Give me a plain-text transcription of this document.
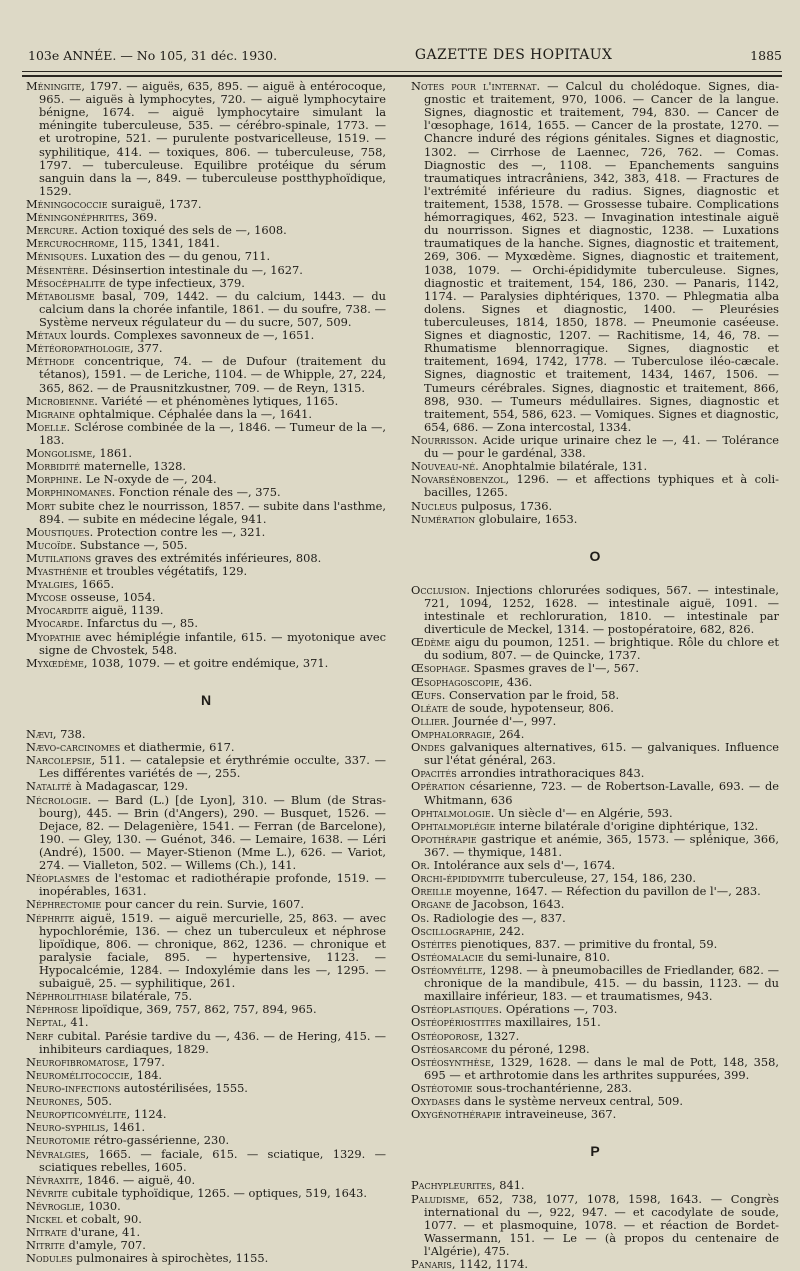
103e ANNÉE. — No 105, 31 déc. 1930.	GAZETTE DES HOPITAUX	1885

Méningite, 1797. — aiguës, 635, 895. — aiguë à entérocoque, 965. — aiguës à lymphocytes, 720. — aiguë lymphocytaire bénigne, 1674. — aiguë lymphocytaire simulant la méningite tuberculeuse, 535. — cérébro-spinale, 1773. — et urotropine, 521. — purulente postvaricelleuse, 1519. — syphilitique, 414. — toxiques, 806. — tuberculeuse, 758, 1797. — tuberculeuse. Equilibre protéique du sérum sanguin dans la —, 849. — tuberculeuse postthyphoïdique, 1529.

Méningococcie suraiguë, 1737.

Méningonéphrites, 369.

Mercure. Action toxiqué des sels de —, 1608.

Mercurochrome, 115, 1341, 1841.

Ménisques. Luxation des — du genou, 711.

Mésentère. Désinsertion intestinale du —, 1627.

Mésocéphalite de type infectieux, 379.

Métabolisme basal, 709, 1442. — du calcium, 1443. — du calcium dans la chorée infantile, 1861. — du soufre, 738. — Système nerveux régulateur du — du sucre, 507, 509.

Métaux lourds. Complexes savonneux de —, 1651.

Météoropathologie, 377.

Méthode concentrique, 74. — de Dufour (traitement du tétanos), 1591. — de Leriche, 1104. — de Whipple, 27, 224, 365, 862. — de Prausnitzkustner, 709. — de Reyn, 1315.

Microbienne. Variété — et phénomènes lytiques, 1165.

Migraine ophtalmique. Céphalée dans la —, 1641.

Moelle. Sclérose combinée de la —, 1846. — Tumeur de la —, 183.

Mongolisme, 1861.

Morbidité maternelle, 1328.

Morphine. Le N-oxyde de —, 204.

Morphinomanes. Fonction rénale des —, 375.

Mort subite chez le nourrisson, 1857. — subite dans l'asthme, 894. — subite en médecine légale, 941.

Moustiques. Protection contre les —, 321.

Mucoïde. Substance —, 505.

Mutilations graves des extrémités inférieures, 808.

Myasthénie et troubles végétatifs, 129.

Myalgies, 1665.

Mycose osseuse, 1054.

Myocardite aiguë, 1139.

Myocarde. Infarctus du —, 85.

Myopathie avec hémiplégie infantile, 615. — myotonique avec signe de Chvostek, 548.

Myxœdème, 1038, 1079. — et goitre endémique, 371.

N

Nævi, 738.

Nævo-carcinomes et diathermie, 617.

Narcolepsie, 511. — catalepsie et érythrémie occulte, 337. — Les différentes variétés de —, 255.

Natalité à Madagascar, 129.

Nécrologie. — Bard (L.) [de Lyon], 310. — Blum (de Strasbourg), 445. — Brin (d'Angers), 290. — Busquet, 1526. — Dejace, 82. — Delagenière, 1541. — Ferran (de Barcelone), 190. — Gley, 130. — Guénot, 346. — Lemaire, 1638. — Léri (André), 1500. — Mayer-Stienon (Mme L.), 626. — Variot, 274. — Vialleton, 502. — Willems (Ch.), 141.

Néoplasmes de l'estomac et radiothérapie profonde, 1519. — inopérables, 1631.

Néphrectomie pour cancer du rein. Survie, 1607.

Néphrite aiguë, 1519. — aiguë mercurielle, 25, 863. — avec hypochlorémie, 136. — chez un tuberculeux et néphrose lipoïdique, 806. — chronique, 862, 1236. — chronique et paralysie faciale, 895. — hypertensive, 1123. — Hypocalcémie, 1284. — Indoxylémie dans les —, 1295. — subaiguë, 25. — syphilitique, 261.

Néphrolithiase bilatérale, 75.

Néphrose lipoïdique, 369, 757, 862, 757, 894, 965.

Neptal, 41.

Nerf cubital. Parésie tardive du —, 436. — de Hering, 415. — inhibiteurs cardiaques, 1829.

Neurofibromatose, 1797.

Neuromélitococcie, 184.

Neuro-infections autostérilisées, 1555.

Neurones, 505.

Neuropticomyélite, 1124.

Neuro-syphilis, 1461.

Neurotomie rétro-gassérienne, 230.

Névralgies, 1665. — faciale, 615. — sciatique, 1329. — sciatiques rebelles, 1605.

Névraxite, 1846. — aiguë, 40.

Névrite cubitale typhoïdique, 1265. — optiques, 519, 1643.

Névroglie, 1030.

Nickel et cobalt, 90.

Nitrate d'urane, 41.

Nitrite d'amyle, 707.

Nodules pulmonaires à spirochètes, 1155.

Notes pour l'internat. — Calcul du cholédoque. Signes, diagnostic et traitement, 970, 1006. — Cancer de la langue. Signes, diagnostic et traitement, 794, 830. — Cancer de l'œsophage, 1614, 1655. — Cancer de la prostate, 1270. — Chancre induré des régions génitales. Signes et diagnostic, 1302. — Cirrhose de Laennec, 726, 762. — Comas. Diagnostic des —, 1108. — Epanchements sanguins traumatiques intracrâniens, 342, 383, 418. — Fractures de l'extrémité inférieure du radius. Signes, diagnostic et traitement, 1538, 1578. — Grossesse tubaire. Complications hémorragiques, 462, 523. — Invagination intestinale aiguë du nourrisson. Signes et diagnostic, 1238. — Luxations traumatiques de la hanche. Signes, diagnostic et traitement, 269, 306. — Myxœdème. Signes, diagnostic et traitement, 1038, 1079. — Orchi-épididymite tuberculeuse. Signes, diagnostic et traitement, 154, 186, 230. — Panaris, 1142, 1174. — Paralysies diphtériques, 1370. — Phlegmatia alba dolens. Signes et diagnostic, 1400. — Pleurésies tuberculeuses, 1814, 1850, 1878. — Pneumonie caséeuse. Signes et diagnostic, 1207. — Rachitisme, 14, 46, 78. — Rhumatisme blennorragique. Signes, diagnostic et traitement, 1694, 1742, 1778. — Tuberculose iléo-cæcale. Signes, diagnostic et traitement, 1434, 1467, 1506. — Tumeurs cérébrales. Signes, diagnostic et traitement, 866, 898, 930. — Tumeurs médullaires. Signes, diagnostic et traitement, 554, 586, 623. — Vomiques. Signes et diagnostic, 654, 686. — Zona intercostal, 1334.

Nourrisson. Acide urique urinaire chez le —, 41. — Tolérance du — pour le gardénal, 338.

Nouveau-né. Anophtalmie bilatérale, 131.

Novarsénobenzol, 1296. — et affections typhiques et à colibacilles, 1265.

Nucleus pulposus, 1736.

Numération globulaire, 1653.

O

Occlusion. Injections chlorurées sodiques, 567. — intestinale, 721, 1094, 1252, 1628. — intestinale aiguë, 1091. — intestinale et rechloruration, 1810. — intestinale par diverticule de Meckel, 1314. — postopératoire, 682, 826.

Œdème aigu du poumon, 1251. — brightique. Rôle du chlore et du sodium, 807. — de Quincke, 1737.

Œsophage. Spasmes graves de l'—, 567.

Œsophagoscopie, 436.

Œufs. Conservation par le froid, 58.

Oléate de soude, hypotenseur, 806.

Ollier. Journée d'—, 997.

Omphalorragie, 264.

Ondes galvaniques alternatives, 615. — galvaniques. Influence sur l'état général, 263.

Opacités arrondies intrathoraciques 843.

Opération césarienne, 723. — de Robertson-Lavalle, 693. — de Whitmann, 636

Ophtalmologie. Un siècle d'— en Algérie, 593.

Ophtalmoplégie interne bilatérale d'origine diphtérique, 132.

Opothérapie gastrique et anémie, 365, 1573. — splénique, 366, 367. — thymique, 1481.

Or. Intolérance aux sels d'—, 1674.

Orchi-épididymite tuberculeuse, 27, 154, 186, 230.

Oreille moyenne, 1647. — Réfection du pavillon de l'—, 283.

Organe de Jacobson, 1643.

Os. Radiologie des —, 837.

Oscillographie, 242.

Ostéites pienotiques, 837. — primitive du frontal, 59.

Ostéomalacie du semi-lunaire, 810.

Ostéomyélite, 1298. — à pneumobacilles de Friedlander, 682. — chronique de la mandibule, 415. — du bassin, 1123. — du maxillaire inférieur, 183. — et traumatismes, 943.

Ostéoplastiques. Opérations —, 703.

Ostéopériostites maxillaires, 151.

Ostéoporose, 1327.

Ostéosarcome du péroné, 1298.

Ostéosynthèse, 1329, 1628. — dans le mal de Pott, 148, 358, 695 — et arthrotomie dans les arthrites suppurées, 399.

Ostéotomie sous-trochantérienne, 283.

Oxydases dans le système nerveux central, 509.

Oxygénothérapie intraveineuse, 367.

P

Pachypleurites, 841.

Paludisme, 652, 738, 1077, 1078, 1598, 1643. — Congrès international du —, 922, 947. — et cacodylate de soude, 1077. — et plasmoquine, 1078. — et réaction de Bordet-Wassermann, 151. — Le — (à propos du centenaire de l'Algérie), 475.

Panaris, 1142, 1174.
